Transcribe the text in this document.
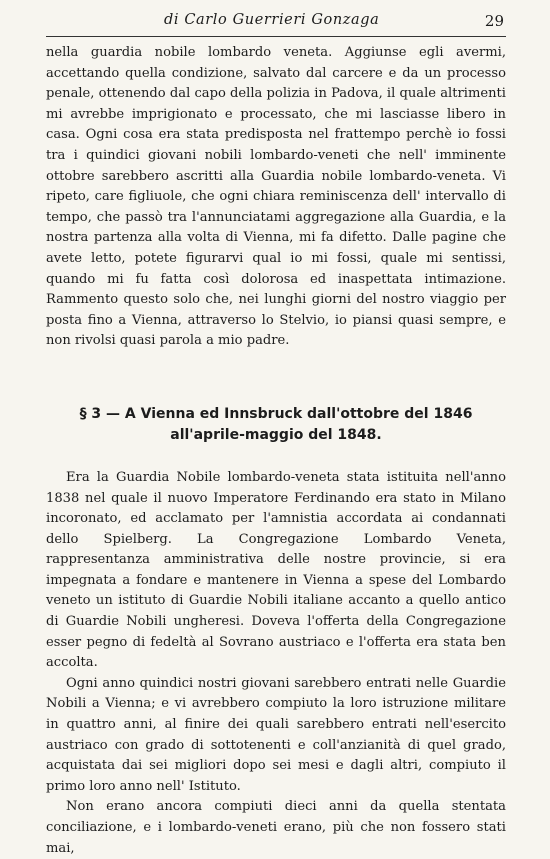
di Carlo Guerrieri Gonzaga	29

nella guardia nobile lombardo veneta. Aggiunse egli avermi, accettando quella condizione, salvato dal carcere e da un processo penale, ottenendo dal capo della polizia in Padova, il quale altrimenti mi avrebbe imprigionato e processato, che mi lasciasse libero in casa. Ogni cosa era stata predisposta nel frattempo perchè io fossi tra i quindici giovani nobili lombardo-veneti che nell' imminente ottobre sarebbero ascritti alla Guardia nobile lombardo-veneta. Vi ripeto, care figliuole, che ogni chiara reminiscenza dell' intervallo di tempo, che passò tra l'annunciatami aggregazione alla Guardia, e la nostra partenza alla volta di Vienna, mi fa difetto. Dalle pagine che avete letto, potete figurarvi qual io mi fossi, quale mi sentissi, quando mi fu fatta così dolorosa ed inaspettata intimazione. Rammento questo solo che, nei lunghi giorni del nostro viaggio per posta fino a Vienna, attraverso lo Stelvio, io piansi quasi sempre, e non rivolsi quasi parola a mio padre.

§ 3 — A Vienna ed Innsbruck dall'ottobre del 1846
all'aprile-maggio del 1848.

Era la Guardia Nobile lombardo-veneta stata istituita nell'anno 1838 nel quale il nuovo Imperatore Ferdinando era stato in Milano incoronato, ed acclamato per l'amnistia accordata ai condannati dello Spielberg. La Congregazione Lombardo Veneta, rappresentanza amministrativa delle nostre provincie, si era impegnata a fondare e mantenere in Vienna a spese del Lombardo veneto un istituto di Guardie Nobili italiane accanto a quello antico di Guardie Nobili ungheresi. Doveva l'offerta della Congregazione esser pegno di fedeltà al Sovrano austriaco e l'offerta era stata ben accolta.

Ogni anno quindici nostri giovani sarebbero entrati nelle Guardie Nobili a Vienna; e vi avrebbero compiuto la loro istruzione militare in quattro anni, al finire dei quali sarebbero entrati nell'esercito austriaco con grado di sottotenenti e coll'anzianità di quel grado, acquistata dai sei migliori dopo sei mesi e dagli altri, compiuto il primo loro anno nell' Istituto.

Non erano ancora compiuti dieci anni da quella stentata conciliazione, e i lombardo-veneti erano, più che non fossero stati mai,
